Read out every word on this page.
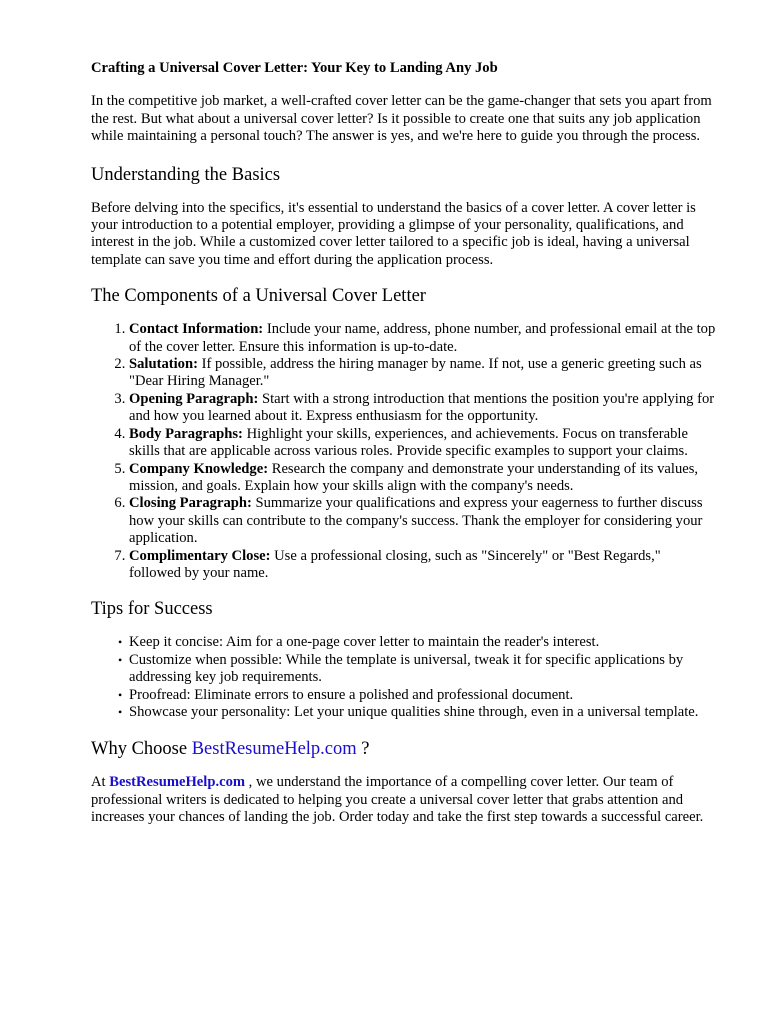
Crafting a Universal Cover Letter: Your Key to Landing Any Job

In the competitive job market, a well-crafted cover letter can be the game-changer that sets you apart from the rest. But what about a universal cover letter? Is it possible to create one that suits any job application while maintaining a personal touch? The answer is yes, and we're here to guide you through the process.

Understanding the Basics

Before delving into the specifics, it's essential to understand the basics of a cover letter. A cover letter is your introduction to a potential employer, providing a glimpse of your personality, qualifications, and interest in the job. While a customized cover letter tailored to a specific job is ideal, having a universal template can save you time and effort during the application process.

The Components of a Universal Cover Letter
1. Contact Information: Include your name, address, phone number, and professional email at the top of the cover letter. Ensure this information is up-to-date.
2. Salutation: If possible, address the hiring manager by name. If not, use a generic greeting such as "Dear Hiring Manager."
3. Opening Paragraph: Start with a strong introduction that mentions the position you're applying for and how you learned about it. Express enthusiasm for the opportunity.
4. Body Paragraphs: Highlight your skills, experiences, and achievements. Focus on transferable skills that are applicable across various roles. Provide specific examples to support your claims.
5. Company Knowledge: Research the company and demonstrate your understanding of its values, mission, and goals. Explain how your skills align with the company's needs.
6. Closing Paragraph: Summarize your qualifications and express your eagerness to further discuss how your skills can contribute to the company's success. Thank the employer for considering your application.
7. Complimentary Close: Use a professional closing, such as "Sincerely" or "Best Regards," followed by your name.
Tips for Success
• Keep it concise: Aim for a one-page cover letter to maintain the reader's interest.
• Customize when possible: While the template is universal, tweak it for specific applications by addressing key job requirements.
• Proofread: Eliminate errors to ensure a polished and professional document.
• Showcase your personality: Let your unique qualities shine through, even in a universal template.
Why Choose BestResumeHelp.com ?

At BestResumeHelp.com , we understand the importance of a compelling cover letter. Our team of professional writers is dedicated to helping you create a universal cover letter that grabs attention and increases your chances of landing the job. Order today and take the first step towards a successful career.
